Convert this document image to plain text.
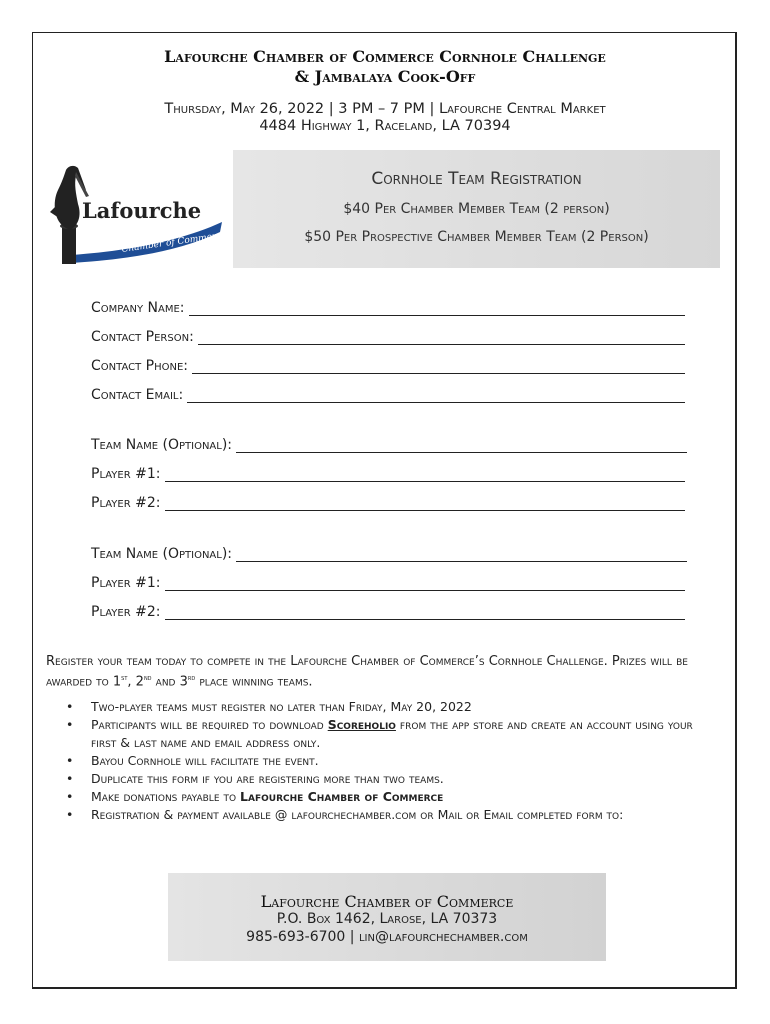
Lafourche Chamber of Commerce Cornhole Challenge
& Jambalaya Cook-Off
Thursday, May 26, 2022 | 3 PM – 7 PM | Lafourche Central Market
4484 Highway 1, Raceland, LA 70394
Lafourche
Chamber of Commerce
Cornhole Team Registration
$40 Per Chamber Member Team (2 person)
$50 Per Prospective Chamber Member Team (2 Person)
Company Name:
Contact Person:
Contact Phone:
Contact Email:
Team Name (Optional):
Player #1:
Player #2:
Team Name (Optional):
Player #1:
Player #2:
Register your team today to compete in the Lafourche Chamber of Commerce’s Cornhole Challenge. Prizes will be awarded to 1st, 2nd and 3rd place winning teams.
• Two-player teams must register no later than Friday, May 20, 2022
• Participants will be required to download Scoreholio from the app store and create an account using your first & last name and email address only.
• Bayou Cornhole will facilitate the event.
• Duplicate this form if you are registering more than two teams.
• Make donations payable to Lafourche Chamber of Commerce
• Registration & payment available @ lafourchechamber.com or Mail or Email completed form to:
Lafourche Chamber of Commerce
P.O. Box 1462, Larose, LA 70373
985-693-6700 | lin@lafourchechamber.com
